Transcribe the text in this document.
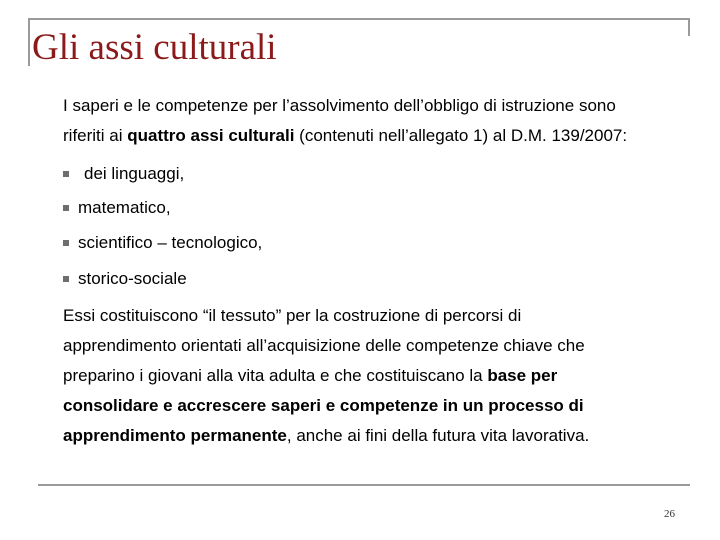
Gli assi culturali

I saperi e le competenze per l’assolvimento dell’obbligo di istruzione sono
riferiti ai quattro assi culturali (contenuti nell’allegato 1) al D.M. 139/2007:

dei linguaggi,
matematico,
scientifico – tecnologico,
storico-sociale

Essi costituiscono “il tessuto” per la costruzione di percorsi di
apprendimento orientati all’acquisizione delle competenze chiave che
preparino i giovani alla vita adulta e che costituiscano la base per
consolidare e accrescere saperi e competenze in un processo di
apprendimento permanente, anche ai fini della futura vita lavorativa.

26
